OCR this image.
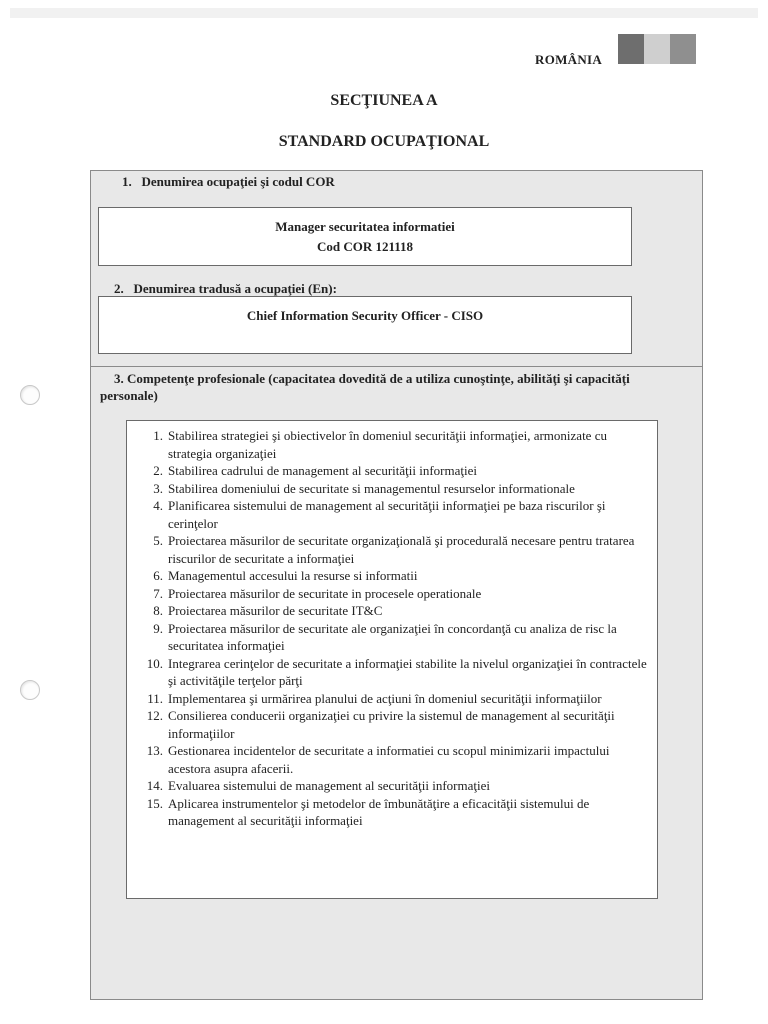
ROMÂNIA
SECŢIUNEA A
STANDARD OCUPAŢIONAL
1.   Denumirea ocupaţiei şi codul COR
Manager securitatea informatiei
Cod COR 121118
2.   Denumirea tradusă a ocupaţiei (En):
Chief Information Security Officer - CISO
3. Competenţe profesionale (capacitatea dovedită de a utiliza cunoştinţe, abilităţi şi capacităţi personale)
1. Stabilirea strategiei şi obiectivelor în domeniul securităţii informaţiei, armonizate cu strategia organizaţiei
2. Stabilirea cadrului de management al securităţii informaţiei
3. Stabilirea domeniului de securitate si managementul resurselor informationale
4. Planificarea sistemului de management al securităţii informaţiei pe baza riscurilor şi cerinţelor
5. Proiectarea măsurilor de securitate organizaţională şi procedurală necesare pentru tratarea riscurilor de securitate a informaţiei
6. Managementul accesului la resurse si informatii
7. Proiectarea măsurilor de securitate in procesele operationale
8. Proiectarea măsurilor de securitate IT&C
9. Proiectarea măsurilor de securitate ale organizaţiei în concordanţă cu analiza de risc la securitatea informaţiei
10. Integrarea cerinţelor de securitate a informaţiei stabilite la nivelul organizaţiei în contractele şi activităţile terţelor părţi
11. Implementarea şi urmărirea planului de acţiuni în domeniul securităţii informaţiilor
12. Consilierea conducerii organizaţiei cu privire la sistemul de management al securităţii informaţiilor
13. Gestionarea incidentelor de securitate a informatiei cu scopul minimizarii impactului acestora asupra afacerii.
14. Evaluarea sistemului de management al securităţii informaţiei
15. Aplicarea instrumentelor şi metodelor de îmbunătăţire a eficacităţii sistemului de management al securităţii informaţiei
